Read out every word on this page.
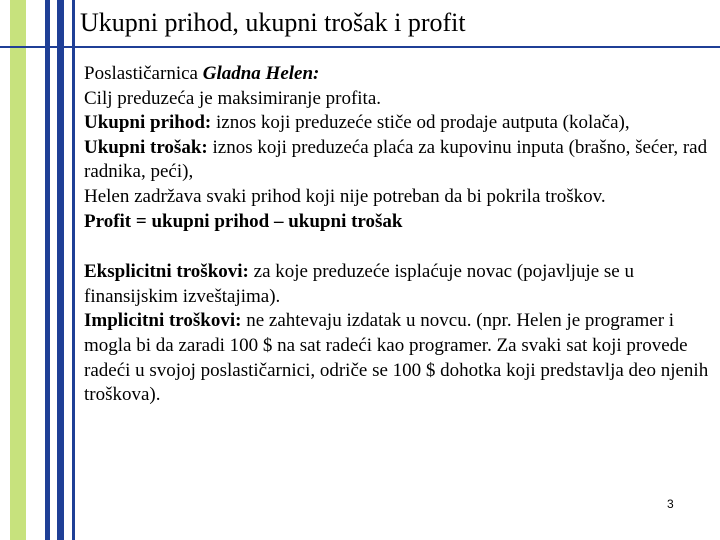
Ukupni prihod, ukupni trošak i profit

Poslastičarnica Gladna Helen:

Cilj preduzeća je maksimiranje profita.

Ukupni prihod: iznos koji preduzeće stiče od prodaje autputa (kolača),

Ukupni trošak: iznos koji preduzeća plaća za kupovinu inputa (brašno, šećer, rad radnika, peći),

Helen zadržava svaki prihod koji nije potreban da bi pokrila troškov.

Profit = ukupni prihod – ukupni trošak

Eksplicitni troškovi: za koje preduzeće isplaćuje novac (pojavljuje se u finansijskim izveštajima).

Implicitni troškovi: ne zahtevaju izdatak u novcu. (npr. Helen je programer i mogla bi da zaradi 100 $ na sat radeći kao programer. Za svaki sat koji provede radeći u svojoj poslastičarnici, odriče se 100 $ dohotka koji predstavlja deo njenih troškova).

3
